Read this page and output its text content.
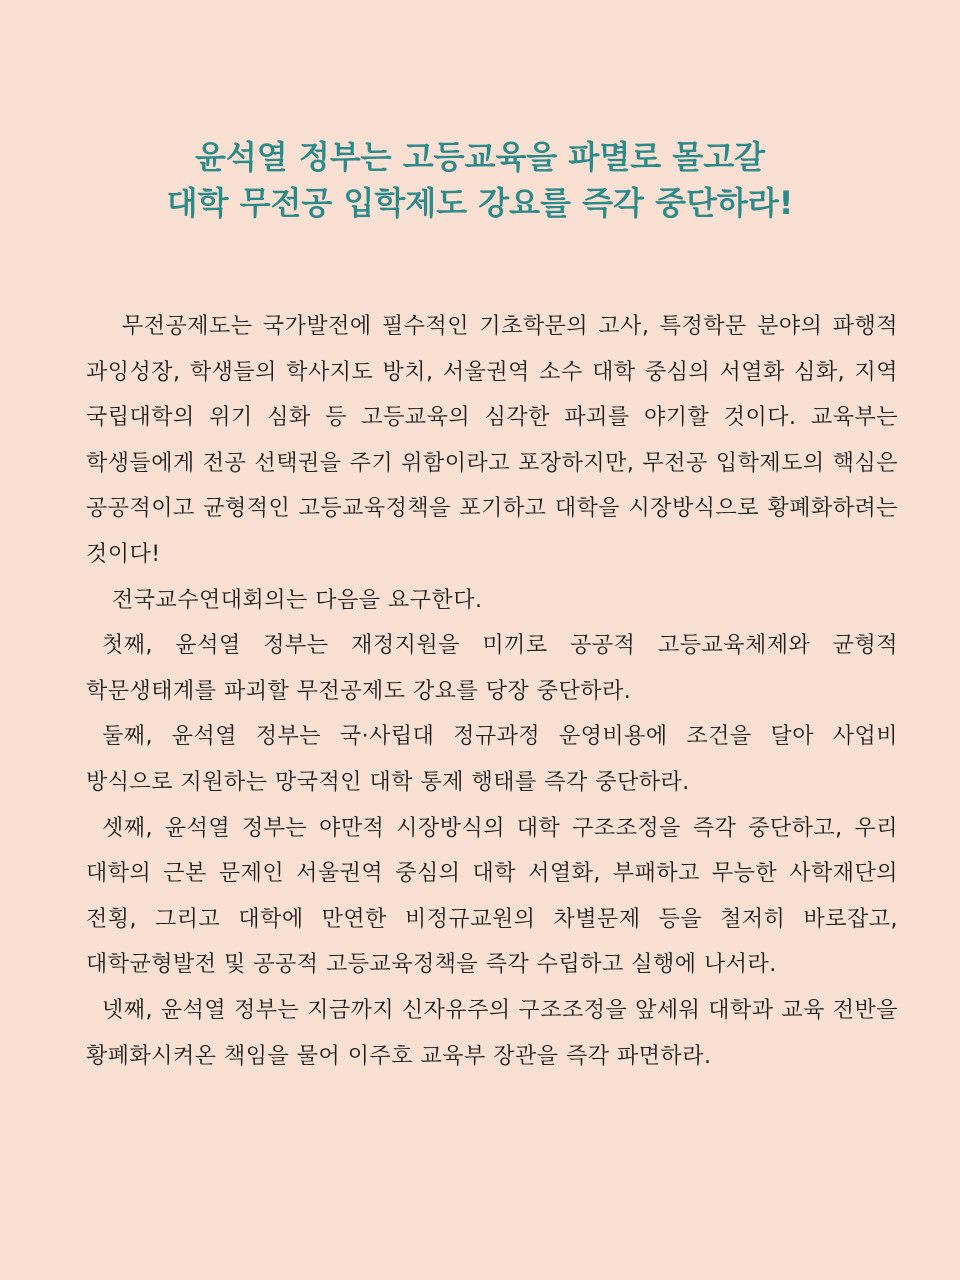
윤석열 정부는 고등교육을 파멸로 몰고갈
대학 무전공 입학제도 강요를 즉각 중단하라!

무전공제도는 국가발전에 필수적인 기초학문의 고사, 특정학문 분야의 파행적 과잉성장, 학생들의 학사지도 방치, 서울권역 소수 대학 중심의 서열화 심화, 지역 국립대학의 위기 심화 등 고등교육의 심각한 파괴를 야기할 것이다. 교육부는 학생들에게 전공 선택권을 주기 위함이라고 포장하지만, 무전공 입학제도의 핵심은 공공적이고 균형적인 고등교육정책을 포기하고 대학을 시장방식으로 황폐화하려는 것이다!

전국교수연대회의는 다음을 요구한다.

첫째, 윤석열 정부는 재정지원을 미끼로 공공적 고등교육체제와 균형적 학문생태계를 파괴할 무전공제도 강요를 당장 중단하라.

둘째, 윤석열 정부는 국·사립대 정규과정 운영비용에 조건을 달아 사업비 방식으로 지원하는 망국적인 대학 통제 행태를 즉각 중단하라.

셋째, 윤석열 정부는 야만적 시장방식의 대학 구조조정을 즉각 중단하고, 우리 대학의 근본 문제인 서울권역 중심의 대학 서열화, 부패하고 무능한 사학재단의 전횡, 그리고 대학에 만연한 비정규교원의 차별문제 등을 철저히 바로잡고, 대학균형발전 및 공공적 고등교육정책을 즉각 수립하고 실행에 나서라.

넷째, 윤석열 정부는 지금까지 신자유주의 구조조정을 앞세워 대학과 교육 전반을 황폐화시켜온 책임을 물어 이주호 교육부 장관을 즉각 파면하라.
